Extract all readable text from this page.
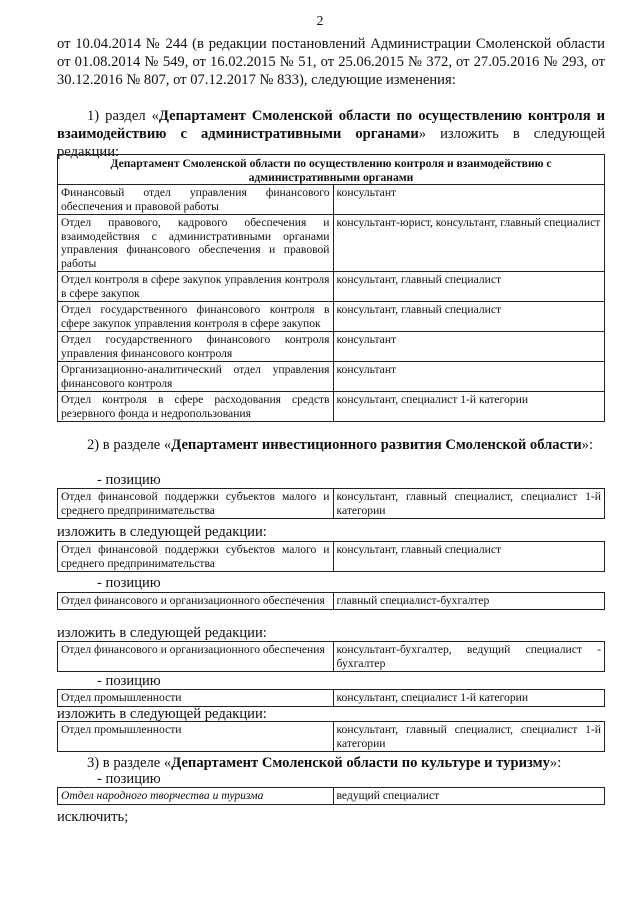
2
от 10.04.2014 № 244 (в редакции постановлений Администрации Смоленской области от 01.08.2014 № 549, от 16.02.2015 № 51, от 25.06.2015 № 372, от 27.05.2016 № 293, от 30.12.2016 № 807, от 07.12.2017 № 833), следующие изменения:
1) раздел «Департамент Смоленской области по осуществлению контроля и взаимодействию с административными органами» изложить в следующей редакции:
Департамент Смоленской области по осуществлению контроля и взаимодействию с административными органами	
Финансовый отдел управления финансового обеспечения и правовой работы	консультант
Отдел правового, кадрового обеспечения и взаимодействия с административными органами управления финансового обеспечения и правовой работы	консультант-юрист, консультант, главный специалист
Отдел контроля в сфере закупок управления контроля в сфере закупок	консультант, главный специалист
Отдел государственного финансового контроля в сфере закупок управления контроля в сфере закупок	консультант, главный специалист
Отдел государственного финансового контроля управления финансового контроля	консультант
Организационно-аналитический отдел управления финансового контроля	консультант
Отдел контроля в сфере расходования средств резервного фонда и недропользования	консультант, специалист 1-й категории
2) в разделе «Департамент инвестиционного развития Смоленской области»:
- позицию
Отдел финансовой поддержки субъектов малого и среднего предпринимательства	консультант, главный специалист, специалист 1-й категории
изложить в следующей редакции:
Отдел финансовой поддержки субъектов малого и среднего предпринимательства	консультант, главный специалист
- позицию
Отдел финансового и организационного обеспечения	главный специалист-бухгалтер
изложить в следующей редакции:
Отдел финансового и организационного обеспечения	консультант-бухгалтер, ведущий специалист - бухгалтер
- позицию
Отдел промышленности	консультант, специалист 1-й категории
изложить в следующей редакции:
Отдел промышленности	консультант, главный специалист, специалист 1-й категории
3) в разделе «Департамент Смоленской области по культуре и туризму»:
- позицию
Отдел народного творчества и туризма	ведущий специалист
исключить;
